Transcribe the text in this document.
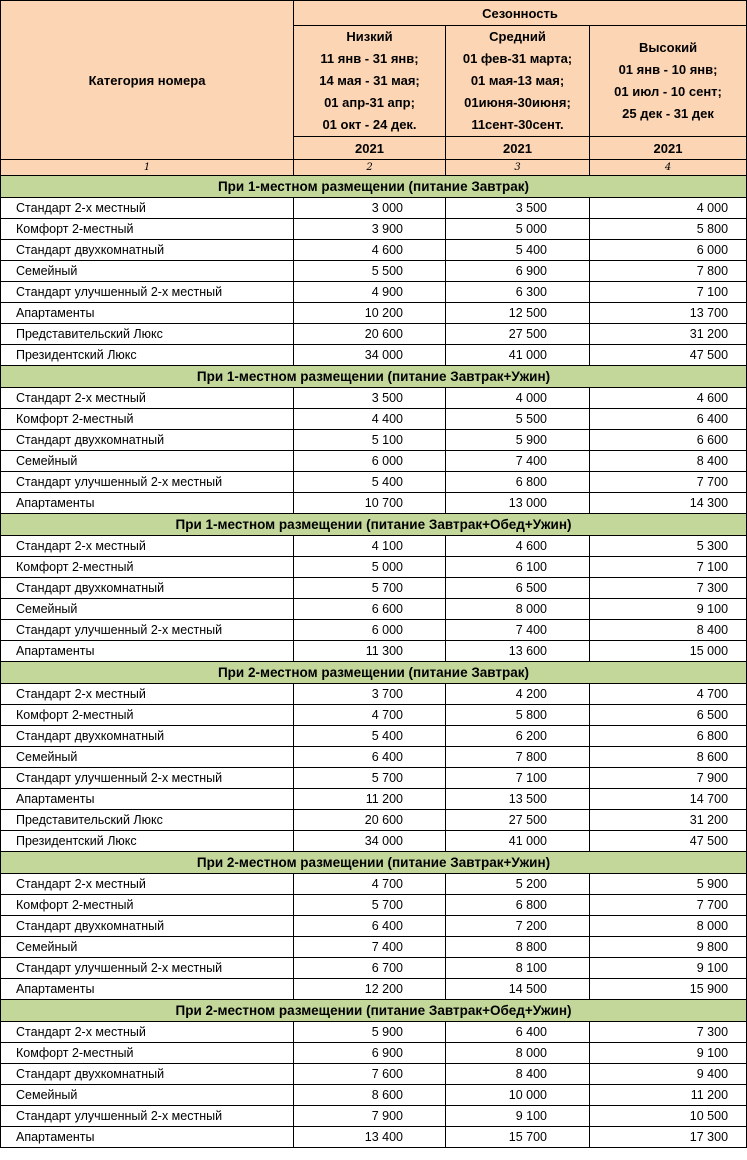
Категория номера	Сезонность		

	Низкий
11 янв - 31 янв;
14 мая - 31 мая;
01 апр-31 апр;
01 окт - 24 дек.	Средний
01 фев-31 марта;
01 мая-13 мая;
01июня-30июня;
11сент-30сент.	Высокий
01 янв - 10 янв;
01 июл - 10 сент;
25 дек - 31 дек

	2021	2021	2021
1	2	3	4
При 1-местном размещении (питание Завтрак)			
Стандарт 2-х местный	3 000	3 500	4 000
Комфорт 2-местный	3 900	5 000	5 800
Стандарт двухкомнатный	4 600	5 400	6 000
Семейный	5 500	6 900	7 800
Стандарт улучшенный 2-х местный	4 900	6 300	7 100
Апартаменты	10 200	12 500	13 700
Представительский Люкс	20 600	27 500	31 200
Президентский Люкс	34 000	41 000	47 500
При 1-местном размещении (питание Завтрак+Ужин)			
Стандарт 2-х местный	3 500	4 000	4 600
Комфорт 2-местный	4 400	5 500	6 400
Стандарт двухкомнатный	5 100	5 900	6 600
Семейный	6 000	7 400	8 400
Стандарт улучшенный 2-х местный	5 400	6 800	7 700
Апартаменты	10 700	13 000	14 300
При 1-местном размещении (питание Завтрак+Обед+Ужин)			
Стандарт 2-х местный	4 100	4 600	5 300
Комфорт 2-местный	5 000	6 100	7 100
Стандарт двухкомнатный	5 700	6 500	7 300
Семейный	6 600	8 000	9 100
Стандарт улучшенный 2-х местный	6 000	7 400	8 400
Апартаменты	11 300	13 600	15 000
При 2-местном размещении (питание Завтрак)			
Стандарт 2-х местный	3 700	4 200	4 700
Комфорт 2-местный	4 700	5 800	6 500
Стандарт двухкомнатный	5 400	6 200	6 800
Семейный	6 400	7 800	8 600
Стандарт улучшенный 2-х местный	5 700	7 100	7 900
Апартаменты	11 200	13 500	14 700
Представительский Люкс	20 600	27 500	31 200
Президентский Люкс	34 000	41 000	47 500
При 2-местном размещении (питание Завтрак+Ужин)			
Стандарт 2-х местный	4 700	5 200	5 900
Комфорт 2-местный	5 700	6 800	7 700
Стандарт двухкомнатный	6 400	7 200	8 000
Семейный	7 400	8 800	9 800
Стандарт улучшенный 2-х местный	6 700	8 100	9 100
Апартаменты	12 200	14 500	15 900
При 2-местном размещении (питание Завтрак+Обед+Ужин)			
Стандарт 2-х местный	5 900	6 400	7 300
Комфорт 2-местный	6 900	8 000	9 100
Стандарт двухкомнатный	7 600	8 400	9 400
Семейный	8 600	10 000	11 200
Стандарт улучшенный 2-х местный	7 900	9 100	10 500
Апартаменты	13 400	15 700	17 300
